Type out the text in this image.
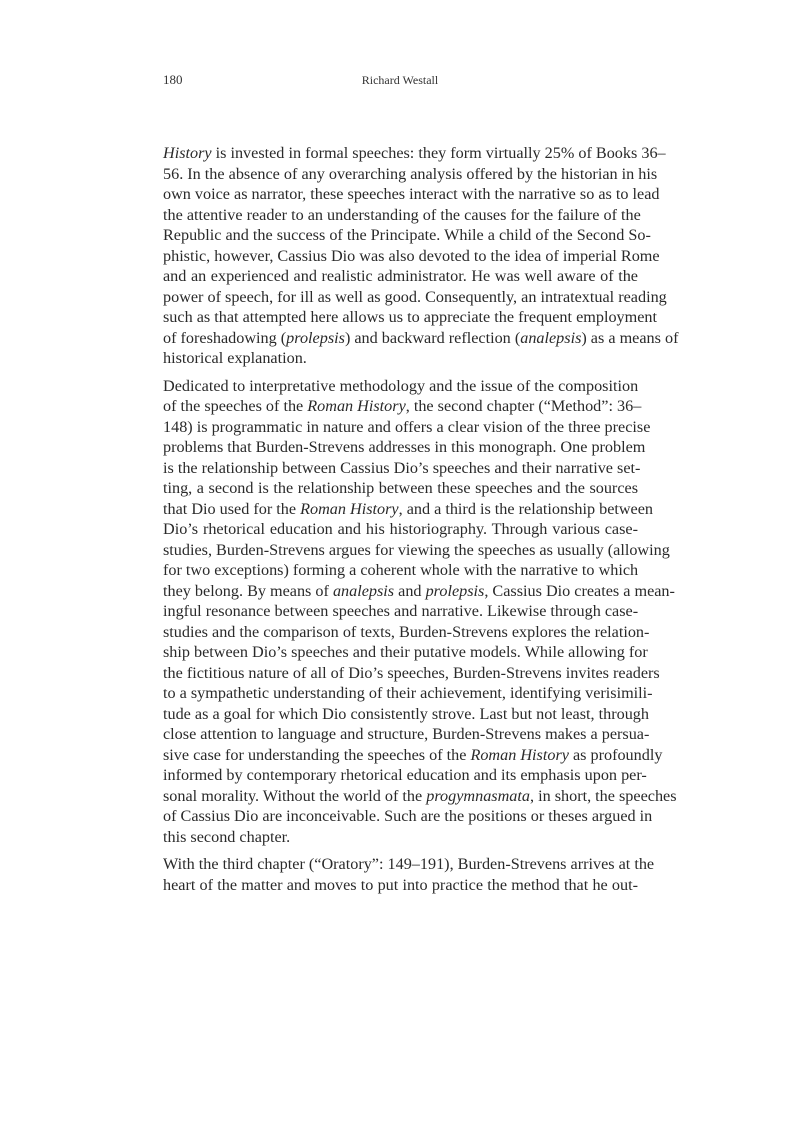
180	Richard Westall

History is invested in formal speeches: they form virtually 25% of Books 36–
56. In the absence of any overarching analysis offered by the historian in his
own voice as narrator, these speeches interact with the narrative so as to lead
the attentive reader to an understanding of the causes for the failure of the
Republic and the success of the Principate. While a child of the Second So-
phistic, however, Cassius Dio was also devoted to the idea of imperial Rome
and an experienced and realistic administrator. He was well aware of the
power of speech, for ill as well as good. Consequently, an intratextual reading
such as that attempted here allows us to appreciate the frequent employment
of foreshadowing (prolepsis) and backward reflection (analepsis) as a means of
historical explanation.

Dedicated to interpretative methodology and the issue of the composition
of the speeches of the Roman History, the second chapter (“Method”: 36–
148) is programmatic in nature and offers a clear vision of the three precise
problems that Burden-Strevens addresses in this monograph. One problem
is the relationship between Cassius Dio’s speeches and their narrative set-
ting, a second is the relationship between these speeches and the sources
that Dio used for the Roman History, and a third is the relationship between
Dio’s rhetorical education and his historiography. Through various case-
studies, Burden-Strevens argues for viewing the speeches as usually (allowing
for two exceptions) forming a coherent whole with the narrative to which
they belong. By means of analepsis and prolepsis, Cassius Dio creates a mean-
ingful resonance between speeches and narrative. Likewise through case-
studies and the comparison of texts, Burden-Strevens explores the relation-
ship between Dio’s speeches and their putative models. While allowing for
the fictitious nature of all of Dio’s speeches, Burden-Strevens invites readers
to a sympathetic understanding of their achievement, identifying verisimili-
tude as a goal for which Dio consistently strove. Last but not least, through
close attention to language and structure, Burden-Strevens makes a persua-
sive case for understanding the speeches of the Roman History as profoundly
informed by contemporary rhetorical education and its emphasis upon per-
sonal morality. Without the world of the progymnasmata, in short, the speeches
of Cassius Dio are inconceivable. Such are the positions or theses argued in
this second chapter.

With the third chapter (“Oratory”: 149–191), Burden-Strevens arrives at the
heart of the matter and moves to put into practice the method that he out-
